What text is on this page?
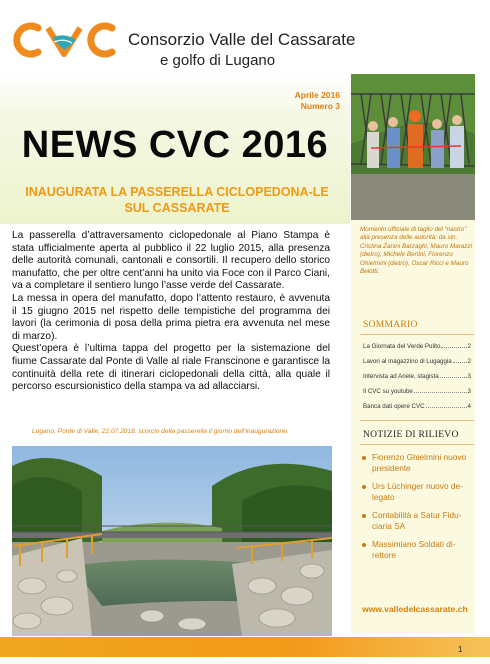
Consorzio Valle del Cassarate
e golfo di Lugano
Aprile 2016
Numero 3
NEWS CVC 2016
INAUGURATA LA PASSERELLA CICLOPEDONA-LE SUL CASSARATE

La passerella d’attraversamento ciclopedonale al Piano Stampa è stata ufficialmente aperta al pubblico il 22 luglio 2015, alla presenza delle autorità comunali, cantonali e consortili. Il recupero dello storico manufatto, che per oltre cent’anni ha unito via Foce con il Parco Ciani, va a completare il sentiero lungo l’asse verde del Cassarate.

La messa in opera del manufatto, dopo l’attento restauro, è avvenuta il 15 giugno 2015 nel rispetto delle tempistiche del programma dei lavori (la cerimonia di posa della prima pietra era avvenuta nel mese di marzo).

Quest’opera è l’ultima tappa del progetto per la sistemazione del fiume Cassarate dal Ponte di Valle al riale Franscinone e garantisce la continuità della rete di itinerari ciclopedonali della città, alla quale il percorso escursionistico della stampa va ad allacciarsi.

Lugano, Ponte di Valle, 22.07.2016: scorcio della passerella il giorno dell’inaugurazione.
Momento ufficiale di taglio del “nastro” alla presenza delle autorità: da sin. Cristina Zanini Barzaghi, Mauro Marazzi (dietro), Michele Bertini, Fiorenzo Ghielmini (dietro), Oscar Ricci e Mauro Belotti.
SOMMARIO
La Giornata del Verde Pulito	2
Lavori al magazzino di Lugaggia	2
Intervista ad Ariele, stagista	3
Il CVC su youtube	3
Banca dati opere CVC	4
NOTIZIE DI RILIEVO
Fiorenzo Ghielmini nuovo presidente
Urs Lüchinger nuovo de-legato
Contabilità a Satur Fidu-ciaria SA
Massimiano Soldati di-rettore
www.valledelcassarate.ch
1
